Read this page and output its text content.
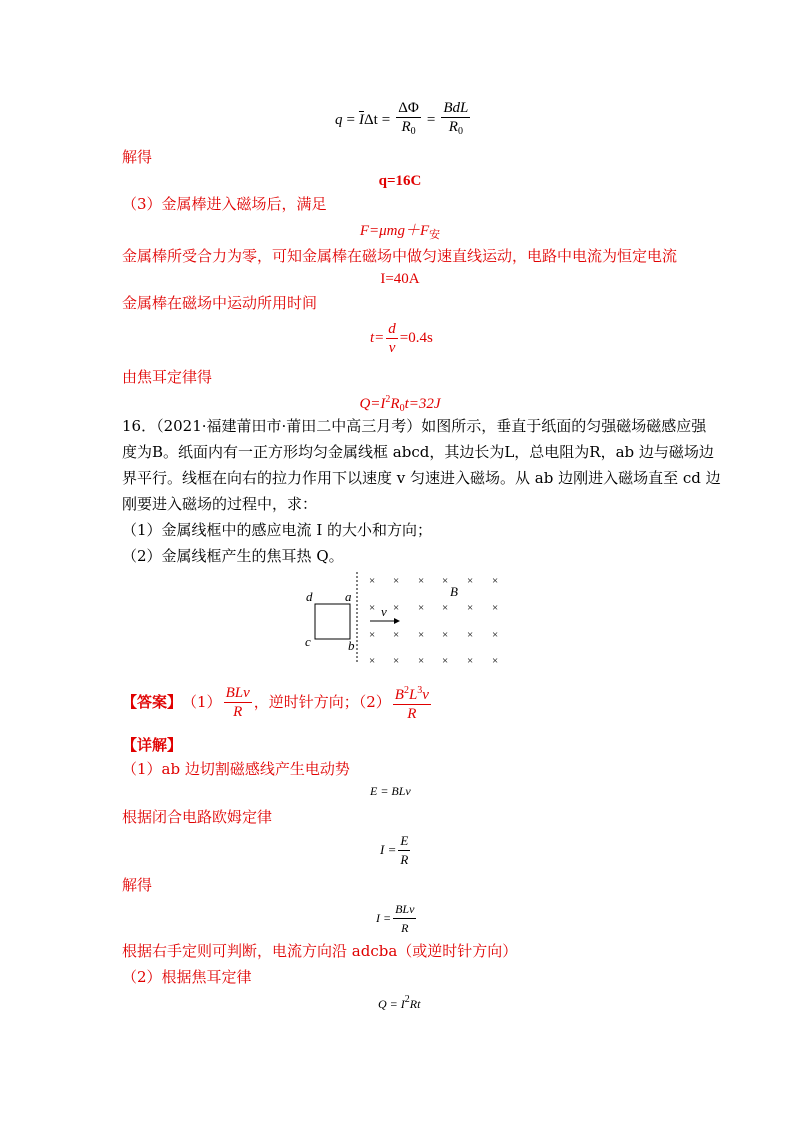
$q = \overline{I}$ $\Delta t = \frac{\Delta\Phi}{R_0} = \frac{\text{BdL}}{R_0}$
解得
q=16C
（3）金属棒进入磁场后，满足
$F=\mu mg+F_安$
金属棒所受合力为零，可知金属棒在磁场中做匀速直线运动，电路中电流为恒定电流
I=40A
金属棒在磁场中运动所用时间
$t= \frac{d}{v} =0.4s$
由焦耳定律得
$Q=I^2R_0t=32J$
16．（2021·福建莆田市·莆田二中高三月考）如图所示，垂直于纸面的匀强磁场磁感应强
度为B。纸面内有一正方形均匀金属线框 abcd，其边长为L，总电阻为R，ab 边与磁场边
界平行。线框在向右的拉力作用下以速度 v 匀速进入磁场。从 ab 边刚进入磁场直至 cd 边
刚要进入磁场的过程中，求：
（1）金属线框中的感应电流 I 的大小和方向；
（2）金属线框产生的焦耳热 Q。
d	a
c	b
B
v
× × × × × ×
× × × × × ×
× × × × × ×
× × × × × ×
【答案】 $(1) \frac{\text{BLv}}{R}$ ，逆时针方向；$(2) \frac{B^2L^3v}{R}$
【详解】
（1）ab 边切割磁感线产生电动势
E = BLv
根据闭合电路欧姆定律
$I = \frac{E}{R}$
解得
$I = \frac{\text{BLv}}{R}$
根据右手定则可判断，电流方向沿 adcba（或逆时针方向）
（2）根据焦耳定律
$Q = I^2Rt$
